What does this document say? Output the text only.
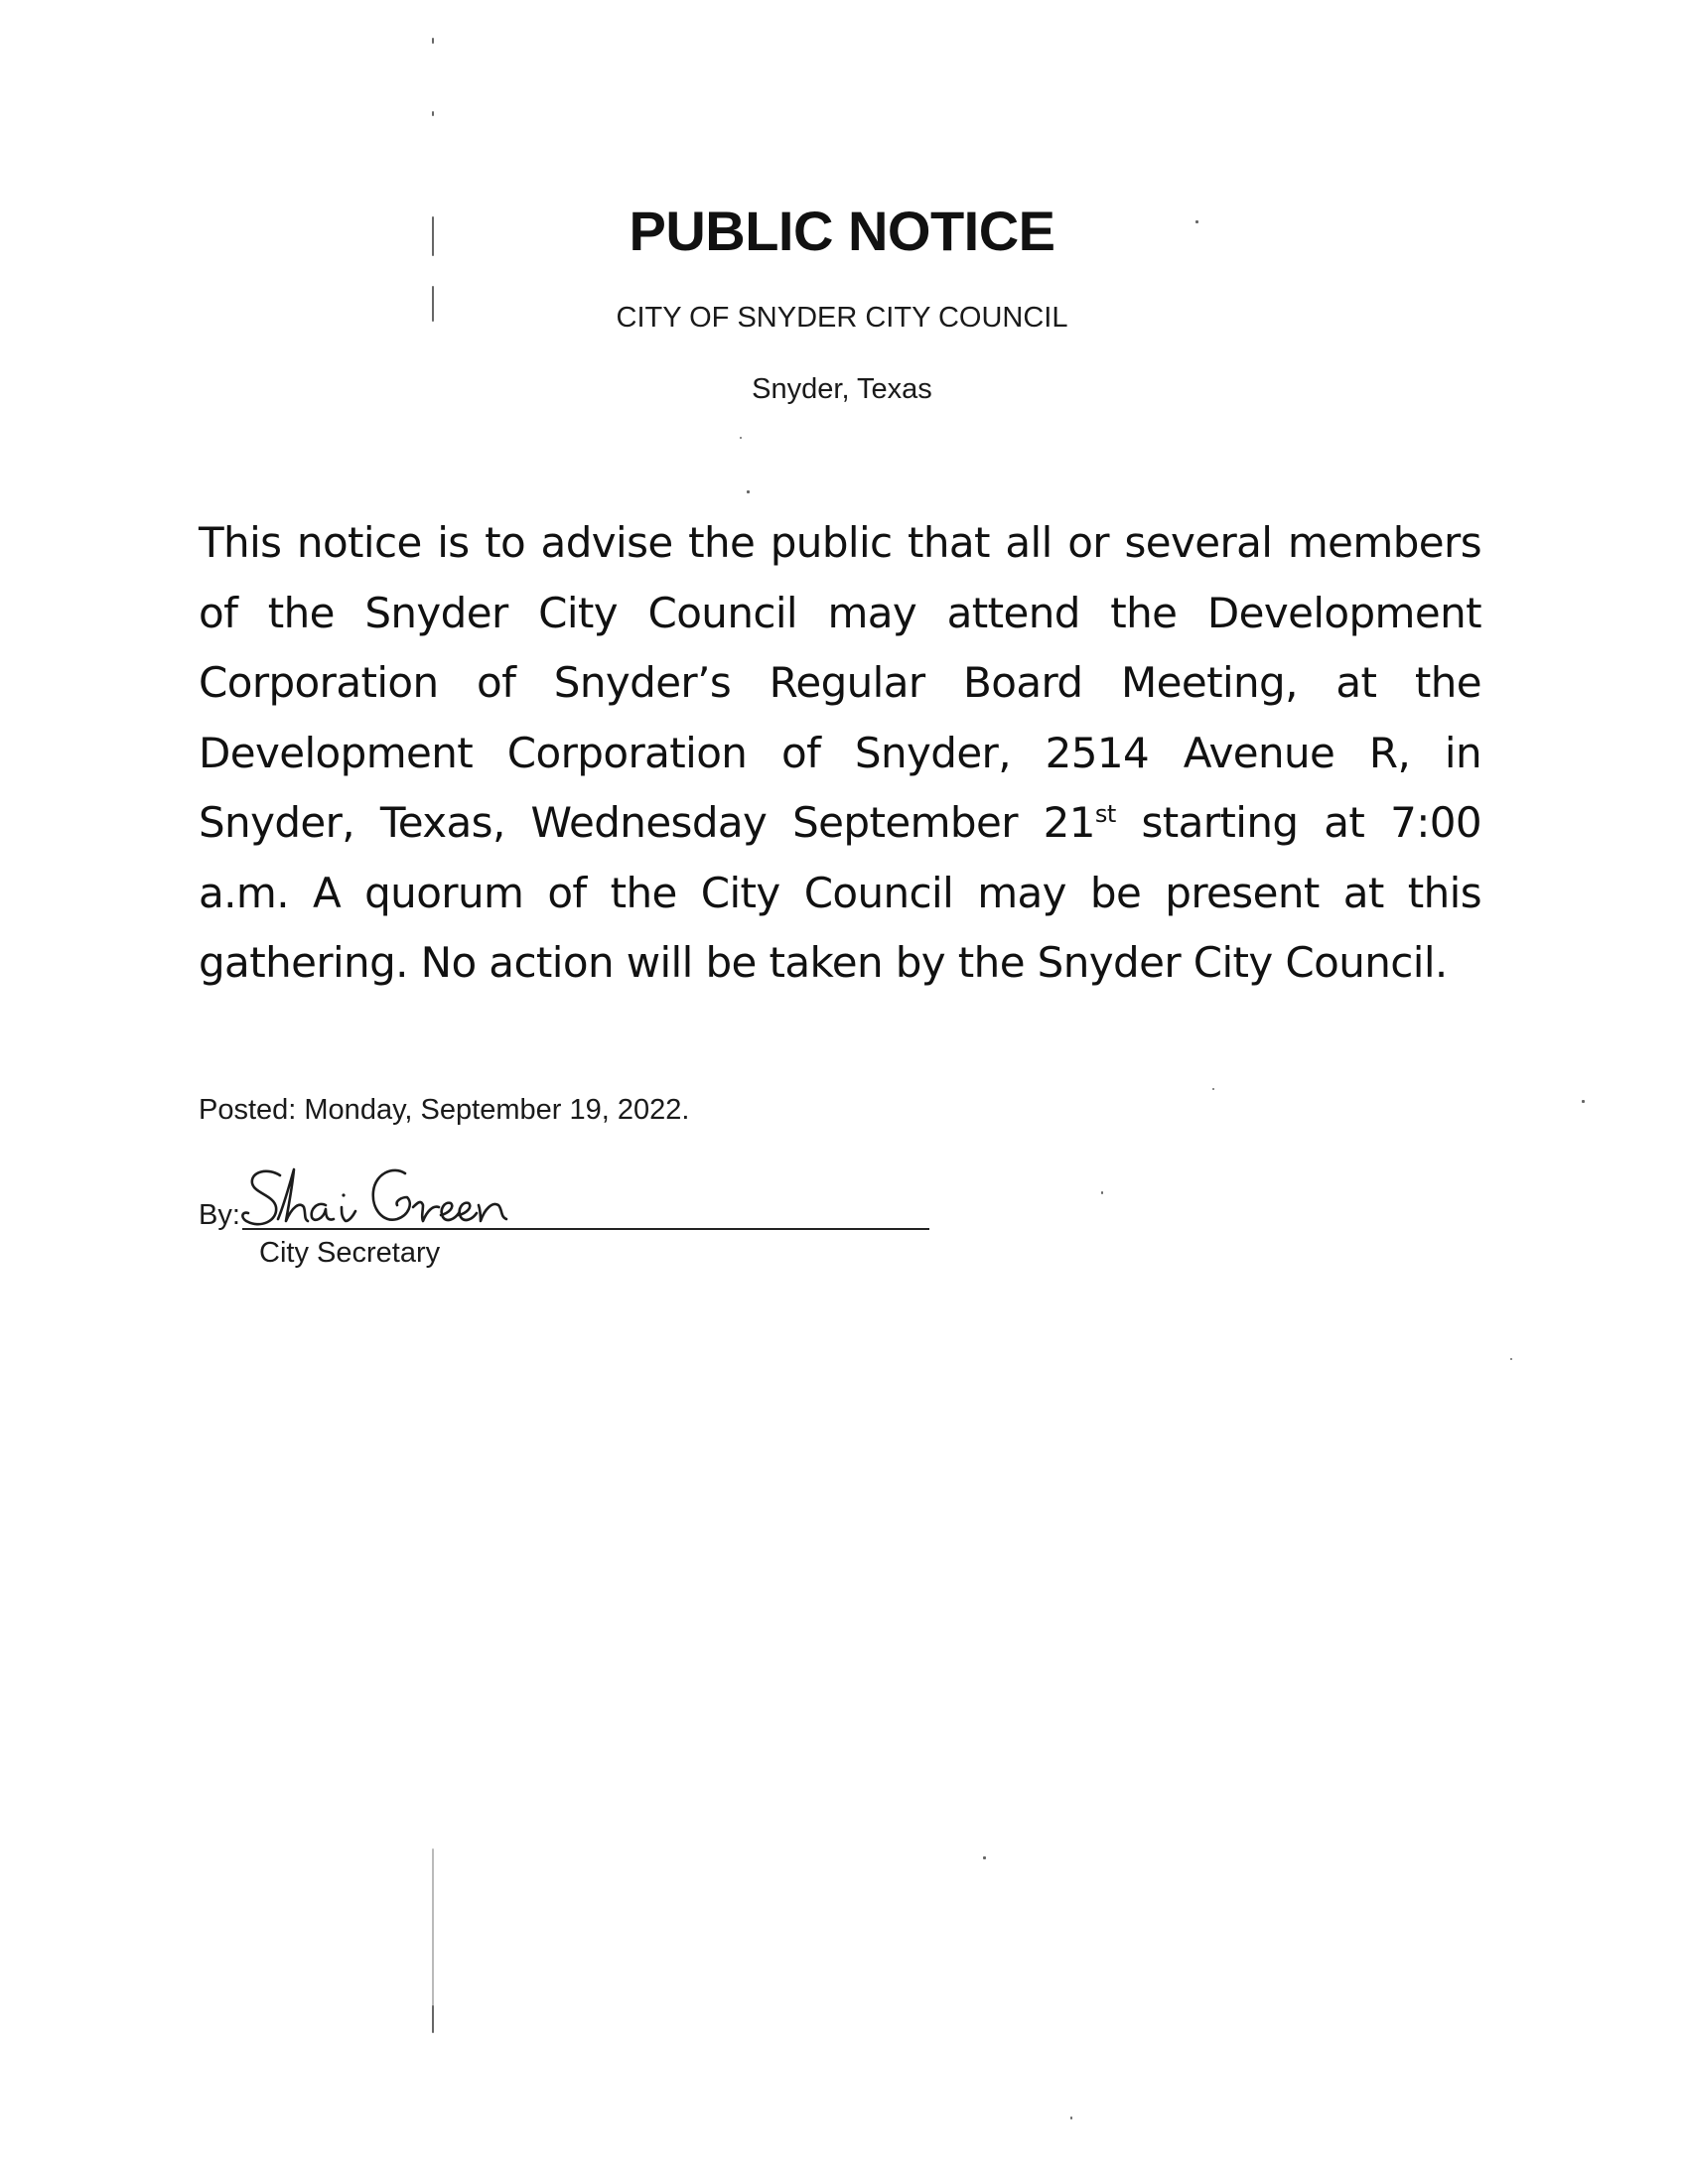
PUBLIC NOTICE
CITY OF SNYDER CITY COUNCIL
Snyder, Texas
This notice is to advise the public that all or several members of the Snyder City Council may attend the Development Corporation of Snyder’s Regular Board Meeting, at the Development Corporation of Snyder, 2514 Avenue R, in Snyder, Texas, Wednesday September 21st starting at 7:00 a.m. A quorum of the City Council may be present at this gathering. No action will be taken by the Snyder City Council.
Posted: Monday, September 19, 2022.
By:
City Secretary
